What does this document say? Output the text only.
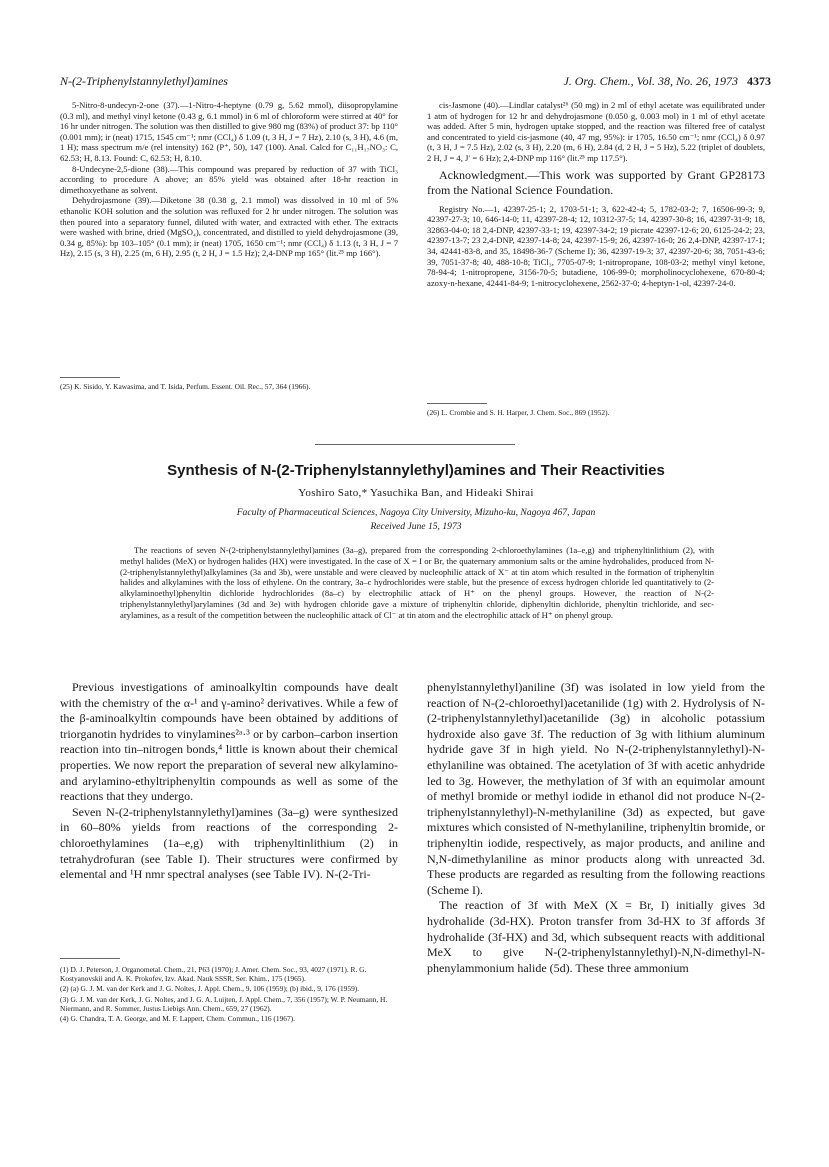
N-(2-Triphenylstannylethyl)amines	J. Org. Chem., Vol. 38, No. 26, 1973 4373

5-Nitro-8-undecyn-2-one (37).—1-Nitro-4-heptyne (0.79 g, 5.62 mmol), diisopropylamine (0.3 ml), and methyl vinyl ketone (0.43 g, 6.1 mmol) in 6 ml of chloroform were stirred at 40° for 16 hr under nitrogen. The solution was then distilled to give 980 mg (83%) of product 37: bp 110° (0.001 mm); ir (neat) 1715, 1545 cm⁻¹; nmr (CCl₄) δ 1.09 (t, 3 H, J = 7 Hz), 2.10 (s, 3 H), 4.6 (m, 1 H); mass spectrum m/e (rel intensity) 162 (P⁺, 50), 147 (100). Anal. Calcd for C₁₁H₁₇NO₃: C, 62.53; H, 8.13. Found: C, 62.53; H, 8.10.

8-Undecyne-2,5-dione (38).—This compound was prepared by reduction of 37 with TiCl₃ according to procedure A above; an 85% yield was obtained after 18-hr reaction in dimethoxyethane as solvent.

Dehydrojasmone (39).—Diketone 38 (0.38 g, 2.1 mmol) was dissolved in 10 ml of 5% ethanolic KOH solution and the solution was refluxed for 2 hr under nitrogen. The solution was then poured into a separatory funnel, diluted with water, and extracted with ether. The extracts were washed with brine, dried (MgSO₄), concentrated, and distilled to yield dehydrojasmone (39, 0.34 g, 85%): bp 103–105° (0.1 mm); ir (neat) 1705, 1650 cm⁻¹; nmr (CCl₄) δ 1.13 (t, 3 H, J = 7 Hz), 2.15 (s, 3 H), 2.25 (m, 6 H), 2.95 (t, 2 H, J = 1.5 Hz); 2,4-DNP mp 165° (lit.²⁵ mp 166°).

(25) K. Sisido, Y. Kawasima, and T. Isida, Perfum. Essent. Oil. Rec., 57, 364 (1966).

cis-Jasmone (40).—Lindlar catalyst²⁶ (50 mg) in 2 ml of ethyl acetate was equilibrated under 1 atm of hydrogen for 12 hr and dehydrojasmone (0.050 g, 0.003 mol) in 1 ml of ethyl acetate was added. After 5 min, hydrogen uptake stopped, and the reaction was filtered free of catalyst and concentrated to yield cis-jasmone (40, 47 mg, 95%): ir 1705, 16.50 cm⁻¹; nmr (CCl₄) δ 0.97 (t, 3 H, J = 7.5 Hz), 2.02 (s, 3 H), 2.20 (m, 6 H), 2.84 (d, 2 H, J = 5 Hz), 5.22 (triplet of doublets, 2 H, J = 4, J′ = 6 Hz); 2,4-DNP mp 116° (lit.²⁵ mp 117.5°).

Acknowledgment.—This work was supported by Grant GP28173 from the National Science Foundation.

Registry No.—1, 42397-25-1; 2, 1703-51-1; 3, 622-42-4; 5, 1782-03-2; 7, 16506-99-3; 9, 42397-27-3; 10, 646-14-0; 11, 42397-28-4; 12, 10312-37-5; 14, 42397-30-8; 16, 42397-31-9; 18, 32863-04-0; 18 2,4-DNP, 42397-33-1; 19, 42397-34-2; 19 picrate 42397-12-6; 20, 6125-24-2; 23, 42397-13-7; 23 2,4-DNP, 42397-14-8; 24, 42397-15-9; 26, 42397-16-0; 26 2,4-DNP, 42397-17-1; 34, 42441-83-8, and 35, 18498-36-7 (Scheme I); 36, 42397-19-3; 37, 42397-20-6; 38, 7051-43-6; 39, 7051-37-8; 40, 488-10-8; TiCl₃, 7705-07-9; 1-nitropropane, 108-03-2; methyl vinyl ketone, 78-94-4; 1-nitropropene, 3156-70-5; butadiene, 106-99-0; morpholinocyclohexene, 670-80-4; azoxy-n-hexane, 42441-84-9; 1-nitrocyclohexene, 2562-37-0; 4-heptyn-1-ol, 42397-24-0.

(26) L. Crombie and S. H. Harper, J. Chem. Soc., 869 (1952).

Synthesis of N-(2-Triphenylstannylethyl)amines and Their Reactivities
Yoshiro Sato,* Yasuchika Ban, and Hideaki Shirai
Faculty of Pharmaceutical Sciences, Nagoya City University, Mizuho-ku, Nagoya 467, Japan
Received June 15, 1973
The reactions of seven N-(2-triphenylstannylethyl)amines (3a–g), prepared from the corresponding 2-chloroethylamines (1a–e,g) and triphenyltinlithium (2), with methyl halides (MeX) or hydrogen halides (HX) were investigated. In the case of X = I or Br, the quaternary ammonium salts or the amine hydrohalides, produced from N-(2-triphenylstannylethyl)alkylamines (3a and 3b), were unstable and were cleaved by nucleophilic attack of X⁻ at tin atom which resulted in the formation of triphenyltin halides and alkylamines with the loss of ethylene. On the contrary, 3a–c hydrochlorides were stable, but the presence of excess hydrogen chloride led quantitatively to (2-alkylaminoethyl)phenyltin dichloride hydrochlorides (8a–c) by electrophilic attack of H⁺ on the phenyl groups. However, the reaction of N-(2-triphenylstannylethyl)arylamines (3d and 3e) with hydrogen chloride gave a mixture of triphenyltin chloride, diphenyltin dichloride, phenyltin trichloride, and sec-arylamines, as a result of the competition between the nucleophilic attack of Cl⁻ at tin atom and the electrophilic attack of H⁺ on phenyl group.

Previous investigations of aminoalkyltin compounds have dealt with the chemistry of the α-¹ and γ-amino² derivatives. While a few of the β-aminoalkyltin compounds have been obtained by additions of triorganotin hydrides to vinylamines²ᵃ·³ or by carbon–carbon insertion reaction into tin–nitrogen bonds,⁴ little is known about their chemical properties. We now report the preparation of several new alkylamino- and arylamino-ethyltriphenyltin compounds as well as some of the reactions that they undergo.

Seven N-(2-triphenylstannylethyl)amines (3a–g) were synthesized in 60–80% yields from reactions of the corresponding 2-chloroethylamines (1a–e,g) with triphenyltinlithium (2) in tetrahydrofuran (see Table I). Their structures were confirmed by elemental and ¹H nmr spectral analyses (see Table IV). N-(2-Tri-

(1) D. J. Peterson, J. Organometal. Chem., 21, P63 (1970); J. Amer. Chem. Soc., 93, 4027 (1971). R. G. Kostyanovskii and A. K. Prokofev, Izv. Akad. Nauk SSSR, Ser. Khim., 175 (1965).

(2) (a) G. J. M. van der Kerk and J. G. Noltes, J. Appl. Chem., 9, 106 (1959); (b) ibid., 9, 176 (1959).

(3) G. J. M. van der Kerk, J. G. Noltes, and J. G. A. Luijten, J. Appl. Chem., 7, 356 (1957); W. P. Neumann, H. Niermann, and R. Sommer, Justus Liebigs Ann. Chem., 659, 27 (1962).

(4) G. Chandra, T. A. George, and M. F. Lappert, Chem. Commun., 116 (1967).

phenylstannylethyl)aniline (3f) was isolated in low yield from the reaction of N-(2-chloroethyl)acetanilide (1g) with 2. Hydrolysis of N-(2-triphenylstannylethyl)acetanilide (3g) in alcoholic potassium hydroxide also gave 3f. The reduction of 3g with lithium aluminum hydride gave 3f in high yield. No N-(2-triphenylstannylethyl)-N-ethylaniline was obtained. The acetylation of 3f with acetic anhydride led to 3g. However, the methylation of 3f with an equimolar amount of methyl bromide or methyl iodide in ethanol did not produce N-(2-triphenylstannylethyl)-N-methylaniline (3d) as expected, but gave mixtures which consisted of N-methylaniline, triphenyltin bromide, or triphenyltin iodide, respectively, as major products, and aniline and N,N-dimethylaniline as minor products along with unreacted 3d. These products are regarded as resulting from the following reactions (Scheme I).

The reaction of 3f with MeX (X = Br, I) initially gives 3d hydrohalide (3d-HX). Proton transfer from 3d-HX to 3f affords 3f hydrohalide (3f-HX) and 3d, which subsequent reacts with additional MeX to give N-(2-triphenylstannylethyl)-N,N-dimethyl-N-phenylammonium halide (5d). These three ammonium
